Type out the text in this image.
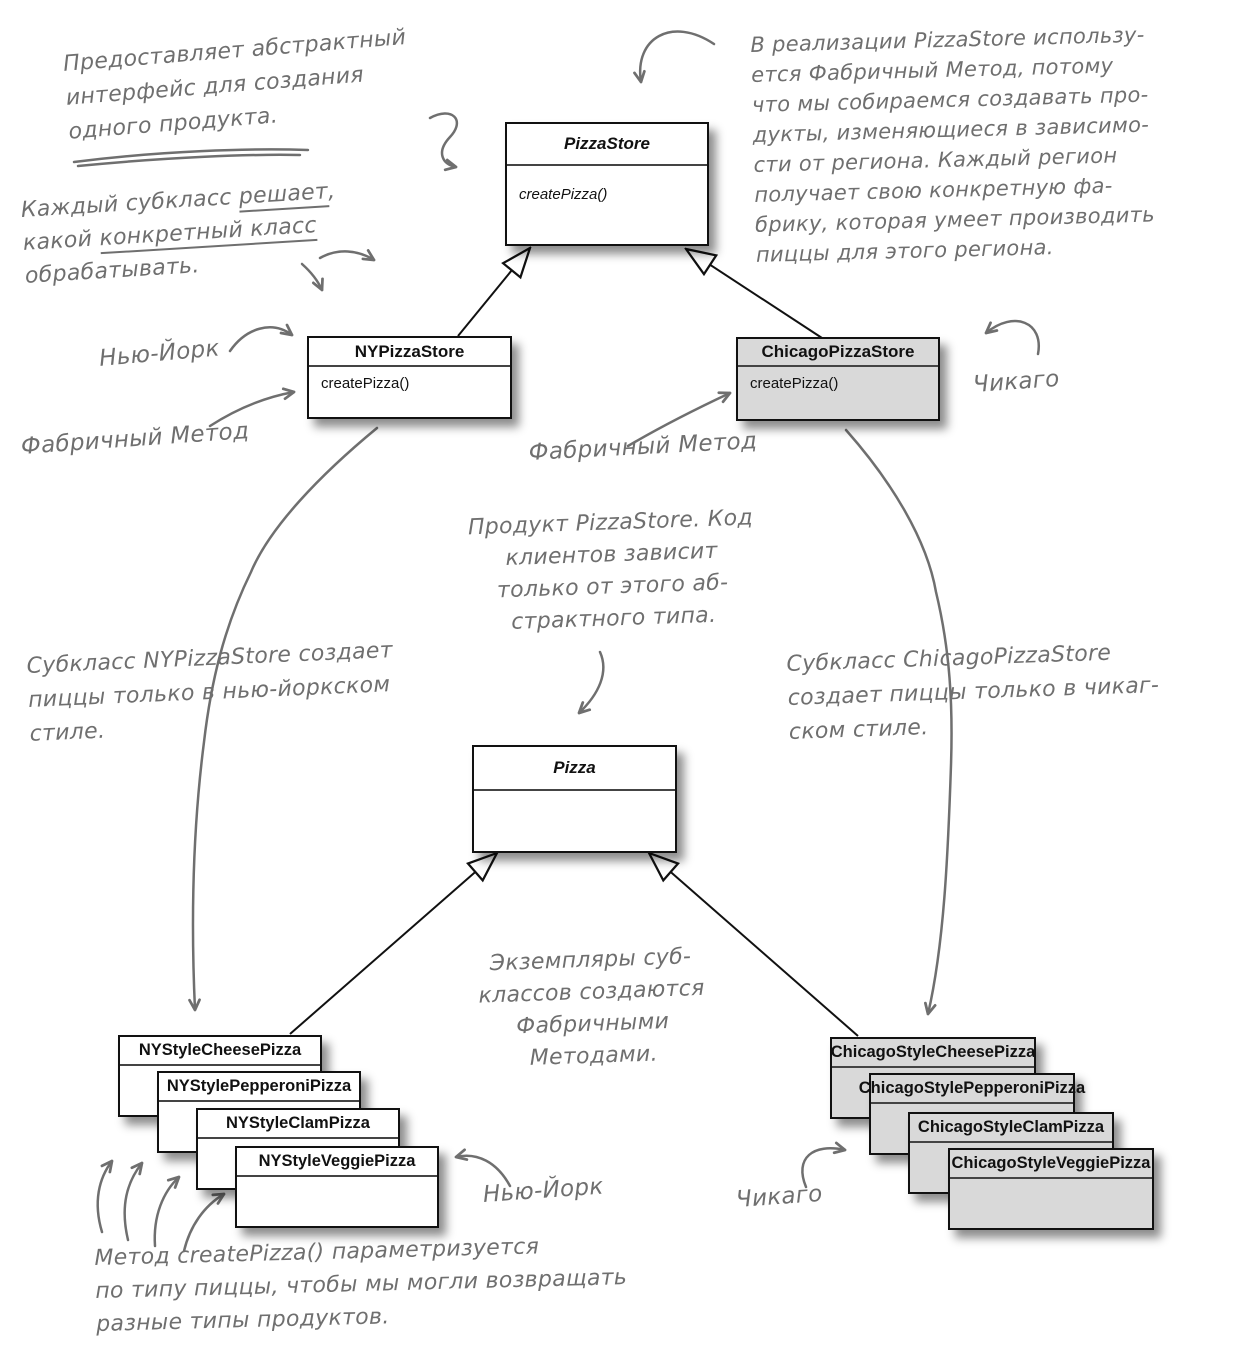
PizzaStore
createPizza()
NYPizzaStore
createPizza()
ChicagoPizzaStore
createPizza()
Pizza
NYStyleCheesePizza
NYStylePepperoniPizza
NYStyleClamPizza
NYStyleVeggiePizza
ChicagoStyleCheesePizza
ChicagoStylePepperoniPizza
ChicagoStyleClamPizza
ChicagoStyleVeggiePizza
Предоставляет абстрактный
интерфейс для создания
одного продукта.
В реализации PizzaStore использу-
ется Фабричный Метод, потому
что мы собираемся создавать про-
дукты, изменяющиеся в зависимо-
сти от региона. Каждый регион
получает свою конкретную фа-
брику, которая умеет производить
пиццы для этого региона.
Каждый субкласс решает,
какой конкретный класс
обрабатывать.
Нью-Йорк
Чикаго
Фабричный Метод	Фабричный Метод
Продукт PizzaStore. Код
клиентов зависит
только от этого аб-
страктного типа.
Субкласс NYPizzaStore создает
пиццы только в нью-йоркском
стиле.
Субкласс ChicagoPizzaStore
создает пиццы только в чикаг-
ском стиле.
Экземпляры суб-
классов создаются
Фабричными
Методами.
Нью-Йорк	Чикаго
Метод createPizza() параметризуется
по типу пиццы, чтобы мы могли возвращать
разные типы продуктов.
